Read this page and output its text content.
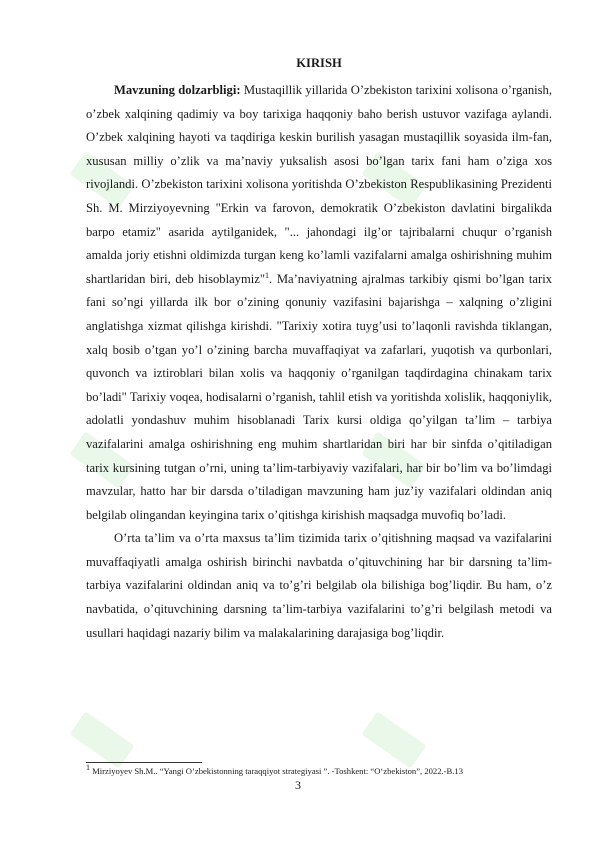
KIRISH

Mavzuning dolzarbligi: Mustaqillik yillarida O’zbekiston tarixini xolisona o’rganish, o’zbek xalqining qadimiy va boy tarixiga haqqoniy baho berish ustuvor vazifaga aylandi. O’zbek xalqining hayoti va taqdiriga keskin burilish yasagan mustaqillik soyasida ilm-fan, xususan milliy o’zlik va ma’naviy yuksalish asosi bo’lgan tarix fani ham o’ziga xos rivojlandi. O’zbekiston tarixini xolisona yoritishda O’zbekiston Respublikasining Prezidenti Sh. M. Mirziyoyevning "Erkin va farovon, demokratik O’zbekiston davlatini birgalikda barpo etamiz" asarida aytilganidek, "... jahondagi ilg’or tajribalarni chuqur o’rganish amalda joriy etishni oldimizda turgan keng ko’lamli vazifalarni amalga oshirishning muhim shartlaridan biri, deb hisoblaymiz"$^1$. Ma’naviyatning ajralmas tarkibiy qismi bo’lgan tarix fani so’ngi yillarda ilk bor o’zining qonuniy vazifasini bajarishga – xalqning o’zligini anglatishga xizmat qilishga kirishdi. "Tarixiy xotira tuyg’usi to’laqonli ravishda tiklangan, xalq bosib o’tgan yo’l o’zining barcha muvaffaqiyat va zafarlari, yuqotish va qurbonlari, quvonch va iztiroblari bilan xolis va haqqoniy o’rganilgan taqdirdagina chinakam tarix bo’ladi" Tarixiy voqea, hodisalarni o’rganish, tahlil etish va yoritishda xolislik, haqqoniylik, adolatli yondashuv muhim hisoblanadi Tarix kursi oldiga qo’yilgan ta’lim – tarbiya vazifalarini amalga oshirishning eng muhim shartlaridan biri har bir sinfda o’qitiladigan tarix kursining tutgan o’rni, uning ta’lim-tarbiyaviy vazifalari, har bir bo’lim va bo’limdagi mavzular, hatto har bir darsda o’tiladigan mavzuning ham juz’iy vazifalari oldindan aniq belgilab olingandan keyingina tarix o’qitishga kirishish maqsadga muvofiq bo’ladi.

O’rta ta’lim va o’rta maxsus ta’lim tizimida tarix o’qitishning maqsad va vazifalarini muvaffaqiyatli amalga oshirish birinchi navbatda o’qituvchining har bir darsning ta’lim-tarbiya vazifalarini oldindan aniq va to’g’ri belgilab ola bilishiga bog’liqdir. Bu ham, o’z navbatida, o’qituvchining darsning ta’lim-tarbiya vazifalarini to’g’ri belgilash metodi va usullari haqidagi nazariy bilim va malakalarining darajasiga bog’liqdir.

$^1$ Mirziyoyev Sh.M.. “Yangi O’zbekistonning taraqqiyot strategiyasi ”. -Toshkent: “O‘zbekiston”, 2022.-B.13
3
